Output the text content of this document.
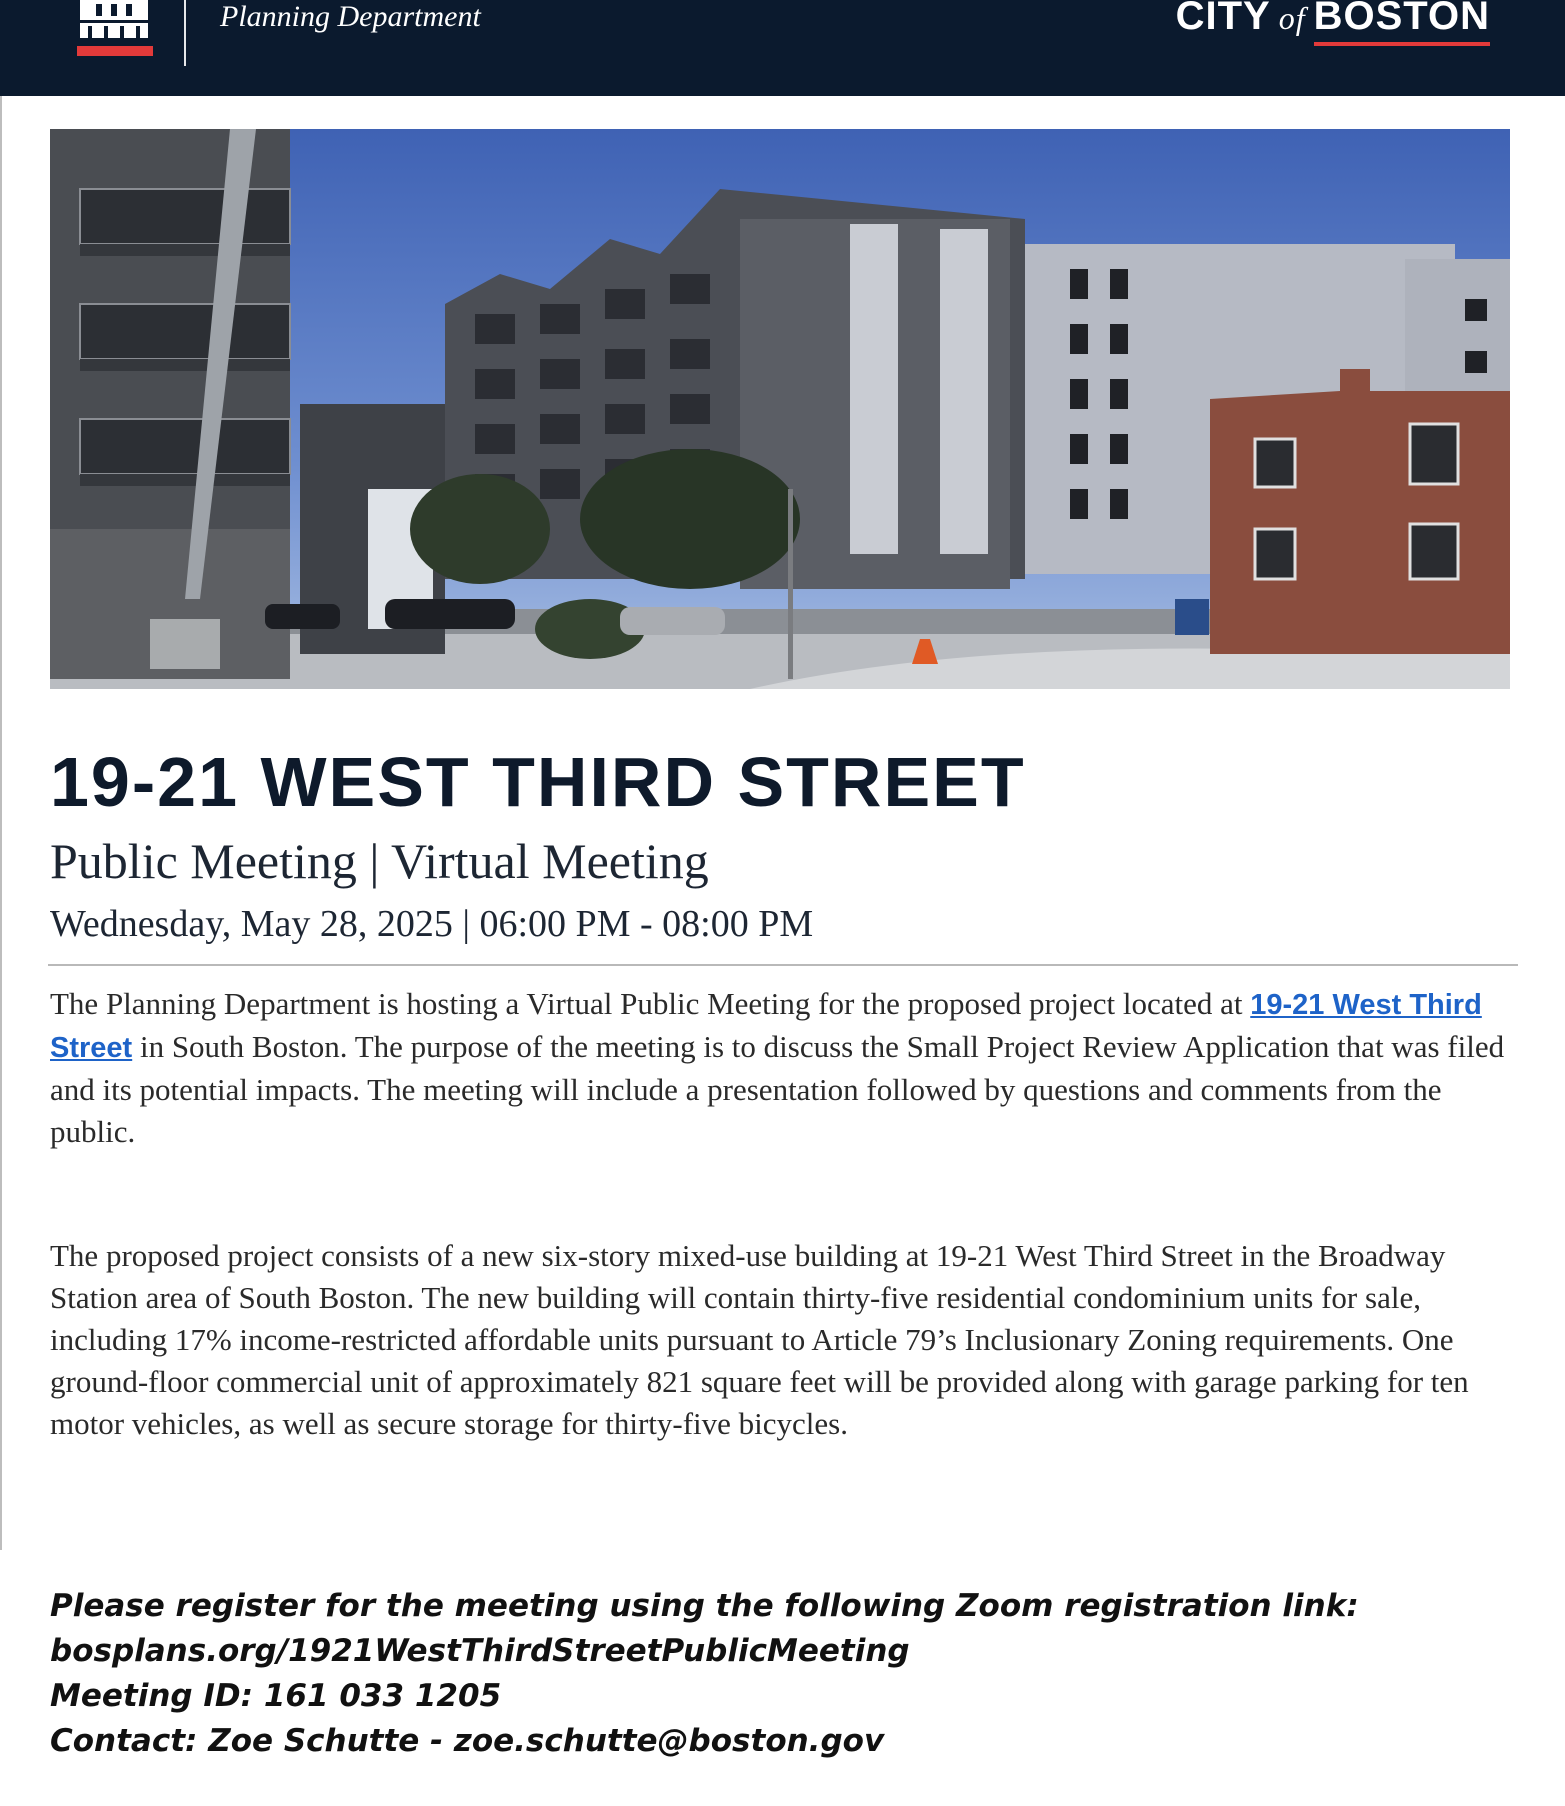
Planning Department	CITY of BOSTON
19-21 WEST THIRD STREET
Public Meeting | Virtual Meeting
Wednesday, May 28, 2025 | 06:00 PM - 08:00 PM

The Planning Department is hosting a Virtual Public Meeting for the proposed project located at 19-21 West Third Street in South Boston. The purpose of the meeting is to discuss the Small Project Review Application that was filed and its potential impacts. The meeting will include a presentation followed by questions and comments from the public.

The proposed project consists of a new six-story mixed-use building at 19-21 West Third Street in the Broadway Station area of South Boston. The new building will contain thirty-five residential condominium units for sale, including 17% income-restricted affordable units pursuant to Article 79’s Inclusionary Zoning requirements. One ground-floor commercial unit of approximately 821 square feet will be provided along with garage parking for ten motor vehicles, as well as secure storage for thirty-five bicycles.

Please register for the meeting using the following Zoom registration link:
bosplans.org/1921WestThirdStreetPublicMeeting
Meeting ID: 161 033 1205
Contact: Zoe Schutte - zoe.schutte@boston.gov
